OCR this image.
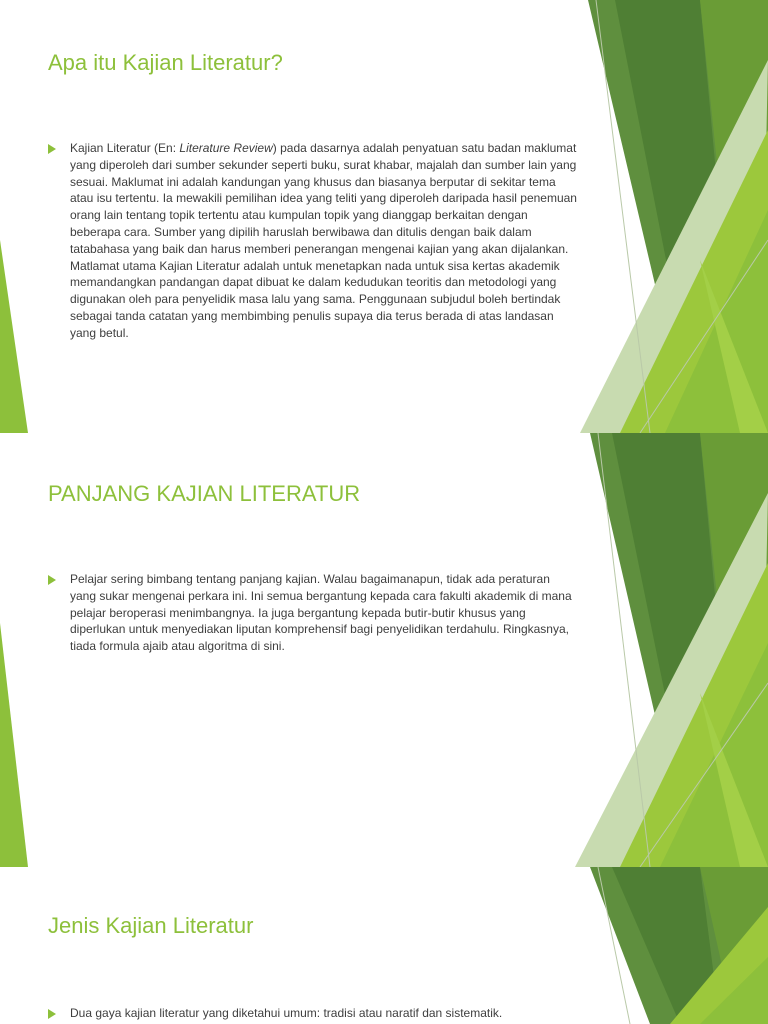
Apa itu Kajian Literatur?
Kajian Literatur (En: Literature Review) pada dasarnya adalah penyatuan satu badan maklumat yang diperoleh dari sumber sekunder seperti buku, surat khabar, majalah dan sumber lain yang sesuai. Maklumat ini adalah kandungan yang khusus dan biasanya berputar di sekitar tema atau isu tertentu. Ia mewakili pemilihan idea yang teliti yang diperoleh daripada hasil penemuan orang lain tentang topik tertentu atau kumpulan topik yang dianggap berkaitan dengan beberapa cara. Sumber yang dipilih haruslah berwibawa dan ditulis dengan baik dalam tatabahasa yang baik dan harus memberi penerangan mengenai kajian yang akan dijalankan. Matlamat utama Kajian Literatur adalah untuk menetapkan nada untuk sisa kertas akademik memandangkan pandangan dapat dibuat ke dalam kedudukan teoritis dan metodologi yang digunakan oleh para penyelidik masa lalu yang sama. Penggunaan subjudul boleh bertindak sebagai tanda catatan yang membimbing penulis supaya dia terus berada di atas landasan yang betul.
PANJANG KAJIAN LITERATUR
Pelajar sering bimbang tentang panjang kajian. Walau bagaimanapun, tidak ada peraturan yang sukar mengenai perkara ini. Ini semua bergantung kepada cara fakulti akademik di mana pelajar beroperasi menimbangnya. Ia juga bergantung kepada butir-butir khusus yang diperlukan untuk menyediakan liputan komprehensif bagi penyelidikan terdahulu. Ringkasnya, tiada formula ajaib atau algoritma di sini.
Jenis Kajian Literatur
Dua gaya kajian literatur yang diketahui umum: tradisi atau naratif dan sistematik.
